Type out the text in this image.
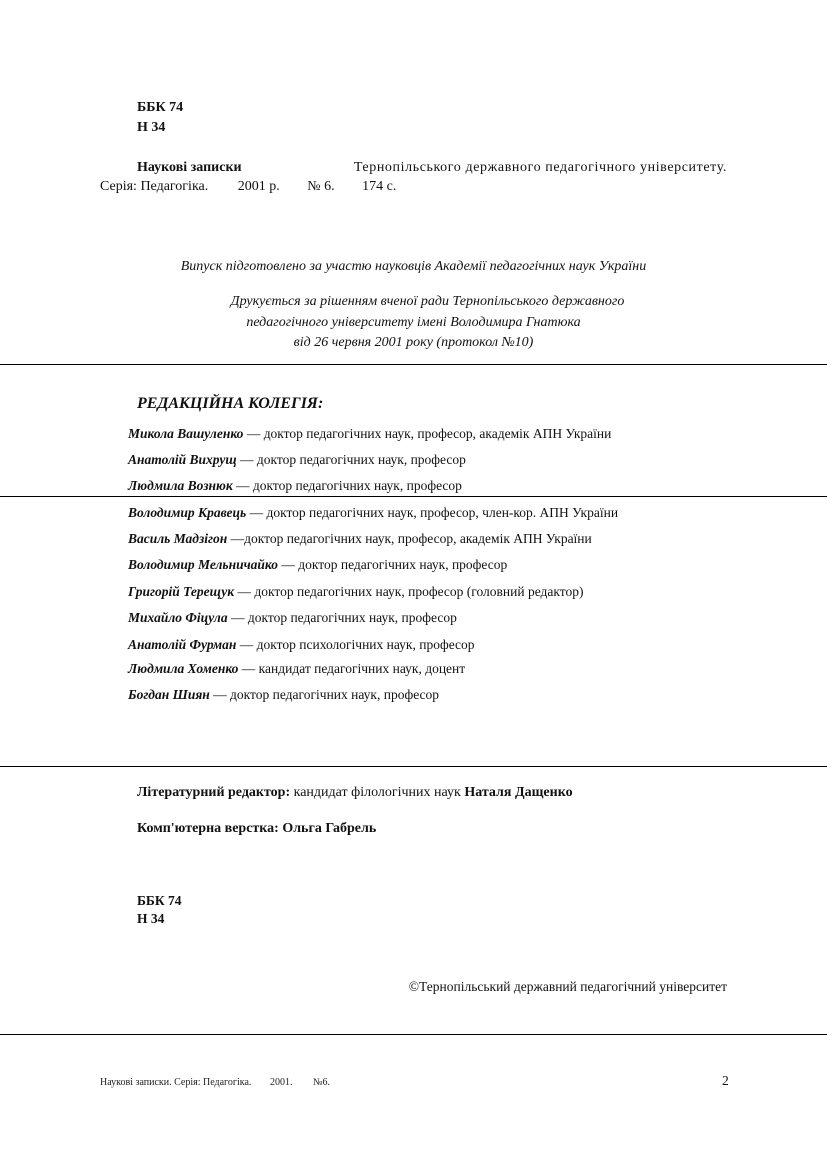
ББК 74
Н 34
Наукові записки	Тернопільського державного педагогічного університету.
Серія: Педагогіка. 2001 р. № 6. 174 с.
Випуск підготовлено за участю науковців Академії педагогічних наук України
Друкується за рішенням вченої ради Тернопільського державного
педагогічного університету імені Володимира Гнатюка
від 26 червня 2001 року (протокол №10)
РЕДАКЦІЙНА КОЛЕГІЯ:
Микола Вашуленко — доктор педагогічних наук, професор, академік АПН України
Анатолій Вихрущ — доктор педагогічних наук, професор
Людмила Вознюк — доктор педагогічних наук, професор
Володимир Кравець — доктор педагогічних наук, професор, член-кор. АПН України
Василь Мадзігон —доктор педагогічних наук, професор, академік АПН України
Володимир Мельничайко — доктор педагогічних наук, професор
Григорій Терещук — доктор педагогічних наук, професор (головний редактор)
Михайло Фіцула — доктор педагогічних наук, професор
Анатолій Фурман — доктор психологічних наук, професор
Людмила Хоменко — кандидат педагогічних наук, доцент
Богдан Шиян — доктор педагогічних наук, професор
Літературний редактор: кандидат філологічних наук Наталя Дащенко
Комп'ютерна верстка: Ольга Габрель
ББК 74
Н 34
©Тернопільський державний педагогічний університет
Наукові записки. Серія: Педагогіка. 2001. №6.	2
